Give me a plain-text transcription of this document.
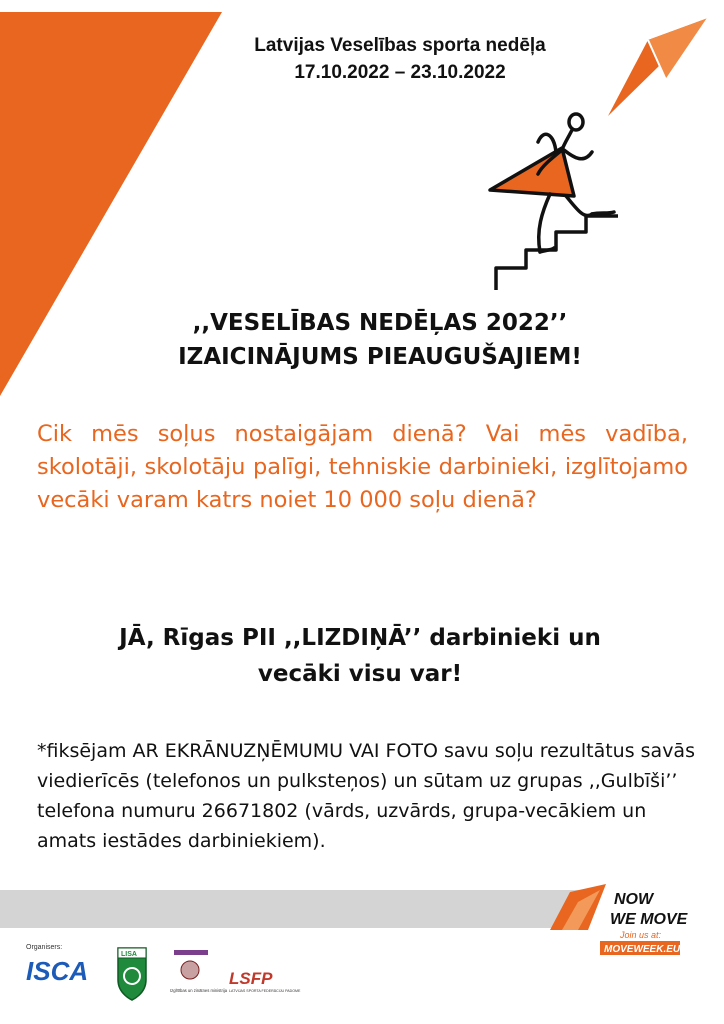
Latvijas Veselības sporta nedēļa
17.10.2022 – 23.10.2022
,,VESELĪBAS NEDĒĻAS 2022’’
IZAICINĀJUMS PIEAUGUŠAJIEM!
Cik mēs soļus nostaigājam dienā? Vai mēs vadība, skolotāji, skolotāju palīgi, tehniskie darbinieki, izglītojamo vecāki varam katrs noiet 10 000 soļu dienā?
JĀ, Rīgas PII ,,LIZDIŅĀ’’ darbinieki un
vecāki visu var!
*fiksējam AR EKRĀNUZŅĒMUMU VAI FOTO savu soļu rezultātus savās viedierīcēs (telefonos un pulksteņos) un sūtam uz grupas ,,Gulbīši’’ telefona numuru 26671802 (vārds, uzvārds, grupa-vecākiem un amats iestādes darbiniekiem).
NOW
WE MOVE
Join us at:
MOVEWEEK.EU
Organisers:
ISCA
LISA
Izglītības un zinātnes ministrija
LSFP
LATVIJAS SPORTA FEDERĀCIJU PADOME
